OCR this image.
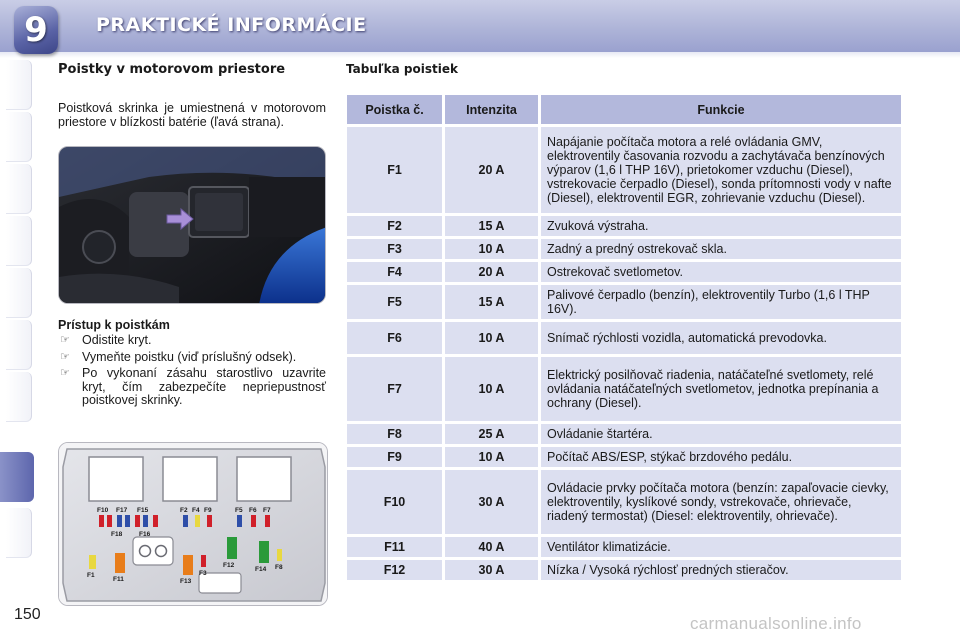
9	PRAKTICKÉ INFORMÁCIE
Poistky v motorovom priestore
Poistková skrinka je umiestnená v motorovom priestore v blízkosti batérie (ľavá strana).
Prístup k poistkám
☞ Odistite kryt.
☞ Vymeňte poistku (viď príslušný odsek).
☞ Po vykonaní zásahu starostlivo uzavrite kryt, čím zabezpečíte nepriepustnosť poistkovej skrinky.
F10 F17 F15	F2 F4 F9	F5 F6 F7
F18	F16
F1
F11	F13
F3
F12
F14 F8
Tabuľka poistiek
Poistka č.	Intenzita	Funkcie
F1	20 A	Napájanie počítača motora a relé ovládania GMV, elektroventily časovania rozvodu a zachytávača benzínových výparov (1,6 l THP 16V), prietokomer vzduchu (Diesel), vstrekovacie čerpadlo (Diesel), sonda prítomnosti vody v nafte (Diesel), elektroventil EGR, zohrievanie vzduchu (Diesel).
F2	15 A	Zvuková výstraha.
F3	10 A	Zadný a predný ostrekovač skla.
F4	20 A	Ostrekovač svetlometov.
F5	15 A	Palivové čerpadlo (benzín), elektroventily Turbo (1,6 l THP 16V).
F6	10 A	Snímač rýchlosti vozidla, automatická prevodovka.
F7	10 A	Elektrický posilňovač riadenia, natáčateľné svetlomety, relé ovládania natáčateľných svetlometov, jednotka prepínania a ochrany (Diesel).
F8	25 A	Ovládanie štartéra.
F9	10 A	Počítač ABS/ESP, stýkač brzdového pedálu.
F10	30 A	Ovládacie prvky počítača motora (benzín: zapaľovacie cievky, elektroventily, kyslíkové sondy, vstrekovače, ohrievače, riadený termostat) (Diesel: elektroventily, ohrievače).
F11	40 A	Ventilátor klimatizácie.
F12	30 A	Nízka / Vysoká rýchlosť predných stieračov.
150	carmanualsonline.info
